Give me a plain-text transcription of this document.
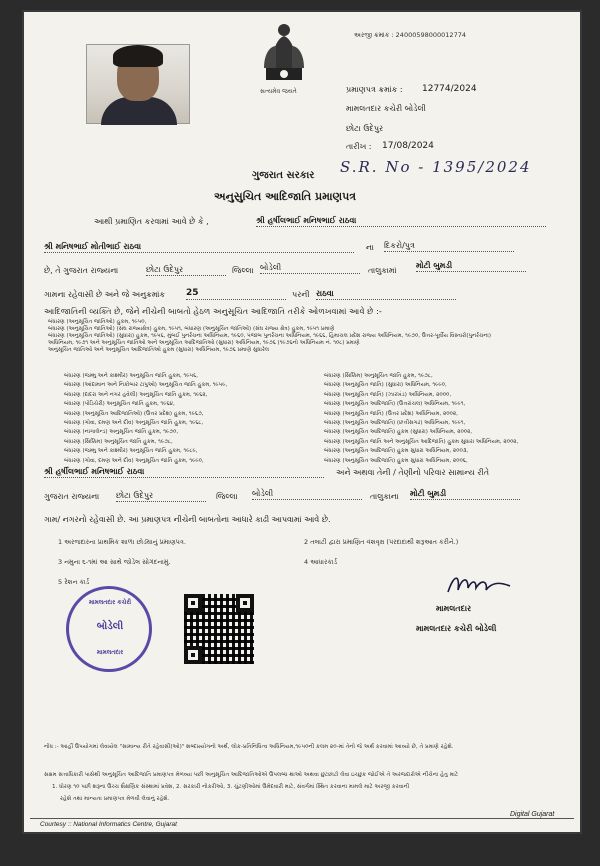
સત્યમેવ જયતે
અરજી ક્રમાંક : 24000598000012774
પ્રમાણપત્ર ક્રમાંક : 12774/2024
મામલતદાર કચેરી બોડેલી
છોટા ઉદેપુર
તારીખ : 17/08/2024
S.R. No - 1395/2024
ગુજરાત સરકાર
અનુસુચિત આદિજાતિ પ્રમાણપત્ર
આથી પ્રમાણિત કરવામાં આવે છે કે ,	શ્રી હર્ષીલભાઈ મનિષભાઈ રાઠવા
શ્રી મનિષભાઈ મોતીભાઈ રાઠવા	ના દિકરો/પુત્ર
છે, તે ગુજરાત રાજ્યના	છોટા ઉદેપુર	જિલ્લા બોડેલી	તાલુકામાં
મોટી બુમડી
ગામના રહેવાસી છે અને જે અનુક્રમાંક 25	પરની રાઠવા
આદિજાતિની વ્યક્તિ છે, જેને નીચેની બાબતો હેઠળ અનુસૂચિત આદિજાતિ તરીકે ઓળખવામાં આવે છે :-
બંધારણ (અનુસૂચિત જાતિઓ) હુકમ, ૧૯૫૦,
બંધારણ (અનુસૂચિત જાતિઓ) (સંઘ રાજ્યક્ષેત્ર) હુકમ, ૧૯૫૧, બંધારણ (અનુસૂચિત જાતિઓ) (સંઘ રાજ્ય ક્ષેત્ર) હુકમ, ૧૯૫૧ પ્રમાણે
બંધારણ (અનુસૂચિત જાતિઓ) (સુધારા) હુકમ, ૧૯૫૬, મુંબઈ પુનર્રચના અધિનિયમ, ૧૯૬૦, પંજાબ પુનર્રચના અધિનિયમ, ૧૯૬૬, હિમાચલ પ્રદેશ રાજ્ય અધિનિયમ, ૧૯૭૦, ઉત્તર-પૂર્વીય વિસ્તારો(પુનર્રચના)
અધિનિયમ, ૧૯૭૧ અને અનુસૂચિત જાતિઓ અને અનુસૂચિત આદિજાતિઓ (સુધારા) અધિનિયમ, ૧૯૭૬ (૧૯૭૬નો અધિનિયમ નં. ૧૦૮) પ્રમાણે
અનુસૂચિત જાતિઓ અને અનુસૂચિત આદિજાતિઓ હુકમ (સુધારા) અધિનિયમ, ૧૯૭૬ પ્રમાણે સુધારેલ
બંધારણ (જમ્મુ અને કાશ્મીર) અનુસૂચિત જાતિ હુકમ, ૧૯૫૬,
બંધારણ (આંદામાન અને નિકોબાર ટાપુઓ) અનુસૂચિત જાતિ હુકમ, ૧૯૫૯,
બંધારણ (દાદરા અને નગર હવેલી) અનુસૂચિત જાતિ હુકમ, ૧૯૬૨,
બંધારણ (પોંડિચેરી) અનુસૂચિત જાતિ હુકમ, ૧૯૬૪,
બંધારણ (અનુસૂચિત આદિજાતિઓ) (ઉત્તર પ્રદેશ) હુકમ, ૧૯૬૭,
બંધારણ (ગોવા, દમણ અને દીવ) અનુસૂચિત જાતિ હુકમ, ૧૯૬૮,
બંધારણ (નાગાલેન્ડ) અનુસૂચિત જાતિ હુકમ, ૧૯૭૦,
બંધારણ (સિક્કિમ) અનુસૂચિત જાતિ હુકમ, ૧૯૭૮,
બંધારણ (જમ્મુ અને કાશ્મીર) અનુસૂચિત જાતિ હુકમ, ૧૯૮૯,
બંધારણ (ગોવા, દમણ અને દીવ) અનુસૂચિત જાતિ હુકમ, ૧૯૯૦,
બંધારણ (સિક્કિમ) અનુસૂચિત જાતિ હુકમ, ૧૯૭૮,
બંધારણ (અનુસૂચિત જાતિ) (સુધારા) અધિનિયમ, ૧૯૯૦,
બંધારણ (અનુસૂચિત જાતિ) (ઝારખંડ) અધિનિયમ, ૨૦૦૦,
બંધારણ (અનુસૂચિત આદિજાતિ) (ઉત્તરાંચલ) અધિનિયમ, ૧૯૯૧,
બંધારણ (અનુસૂચિત જાતિ) (ઉત્તર પ્રદેશ) અધિનિયમ, ૨૦૦૨,
બંધારણ (અનુસૂચિત આદિજાતિ) (છત્તીસગઢ) અધિનિયમ, ૧૯૯૧,
બંધારણ (અનુસૂચિત આદિજાતિ) હુકમ (સુધારા) અધિનિયમ, ૨૦૦૨,
બંધારણ (અનુસૂચિત જાતિ અને અનુસૂચિત આદિજાતિ) હુકમ સુધારા અધિનિયમ, ૨૦૦૨,
બંધારણ (અનુસૂચિત આદિજાતિ) હુકમ સુધારા અધિનિયમ, ૨૦૦૩,
બંધારણ (અનુસૂચિત આદિજાતિ) હુકમ સુધારા અધિનિયમ, ૨૦૦૬,
શ્રી હર્ષીલભાઈ મનિષભાઈ રાઠવા	અને અથવા તેની / તેણીનો પરિવાર સામાન્ય રીતે
ગુજરાત રાજ્યના છોટા ઉદેપુર	જિલ્લા બોડેલી	તાલુકાના મોટી બુમડી
ગામ/ નગરનો રહેવાસી છે. આ પ્રમાણપત્ર નીચેની બાબતોના આધારે કાઢી આપવામાં આવે છે.
1 અરજદારના પ્રાથમિક શાળા છોડ્યાનું પ્રમાણપત્ર.
3 નમુના ૬-૧માં આ સાથે જોડેલ સોગંદનામું.
5 રેશન કાર્ડ
2 તલાટી દ્વારા પ્રમાણિત વંશવૃક્ષ (પરદાદાથી શરૂઆત કરીને.)
4 આધારકાર્ડ
મામલતદાર કચેરી
બોડેલી
મામલતદાર
મામલતદાર
મામલતદાર કચેરી બોડેલી
નોંધ :- આહીં ઉપયોગમાં લેવાયેલ "સામાન્ય રીતે રહેવાસી(ઓ)" શબ્દપ્રયોગનો અર્થ, લોક-પ્રતિનિધિત્વ અધિનિયમ,૧૯૫૦ની કલમ ૨૦-માં તેનો જે અર્થ કરવામાં આવ્યો છે, તે પ્રમાણે રહેશે.
સક્ષમ સત્તાધિકારી પાસેથી અનુસૂચિત આદિજાતિ પ્રમાણપત્ર મેળવ્યા પછી અનુસૂચિત આદિજાતિઓએ ઉપલબ્ધ થાઓ અથવા છુટછાટો લેવા ઇચ્છુક જોઈએ તે અરજદારોએ નીચેના હેતુ માટે
1. ધોરણ ૧૦ પછી શરૂના ઉચ્ચ શૈક્ષણિક સંસ્થામાં પ્રવેશ, 2. સરકારી નોકરીઓ, 3. ચુંટણીઓમાં ઉમેદવારી માટે, સંવર્ગમાં સ્થિત કરવાના મામલે માટે અરજી કરવાની
રહેશે તથા માન્યતા પ્રમાણપત્ર મેળવી લેવાનું રહેશે.
Courtesy :: National Informatics Centre, Gujarat
Digital Gujarat
